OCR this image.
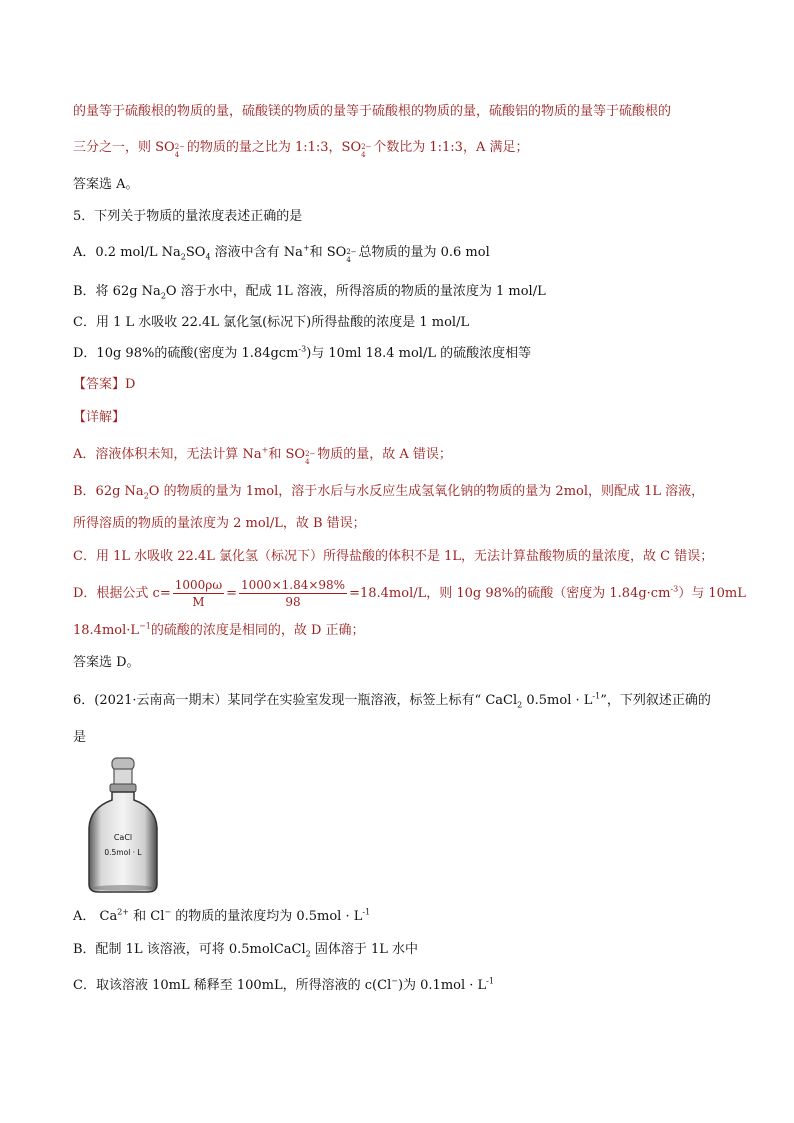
的量等于硫酸根的物质的量，硫酸镁的物质的量等于硫酸根的物质的量，硫酸铝的物质的量等于硫酸根的
三分之一，则 SO 2−
4 的物质的量之比为 1:1:3，SO 2−
4 个数比为 1:1:3，A 满足；
答案选 A。
5．下列关于物质的量浓度表述正确的是
A．0.2 mol/L $Na_2SO_4$ 溶液中含有 Na+和 SO 2−
4 总物质的量为 0.6 mol
B．将 62g $Na_2O$ 溶于水中，配成 1L 溶液，所得溶质的物质的量浓度为 1 mol/L
C．用 1 L 水吸收 22.4L 氯化氢(标况下)所得盐酸的浓度是 1 mol/L
D．10g 98%的硫酸(密度为 1.84gcm$^{-3}$)与 10ml 18.4 mol/L 的硫酸浓度相等
【答案】D
【详解】
A．溶液体积未知，无法计算 Na+和 SO 2−
4 物质的量，故 A 错误；
B．62g $Na_2O$ 的物质的量为 1mol，溶于水后与水反应生成氢氧化钠的物质的量为 2mol，则配成 1L 溶液，
所得溶质的物质的量浓度为 2 mol/L，故 B 错误；
C．用 1L 水吸收 22.4L 氯化氢（标况下）所得盐酸的体积不是 1L，无法计算盐酸物质的量浓度，故 C 错误；
D．根据公式 $c= \frac{1000\rho\omega}{M} = \frac{1000\times 1.84\times 98\%}{98} =18.4mol/L$，则 10g 98%的硫酸（密度为 $1.84g\cdot cm^{-3}$）与 10mL
$18.4mol\cdot L^{-1}$的硫酸的浓度是相同的，故 D 正确；
答案选 D。
6．(2021·云南高一期末）某同学在实验室发现一瓶溶液，标签上标有“ CaCl$_2$ $0.5mol \cdot L^{-1}$”，下列叙述正确的
是
CaCl
0.5mol · L
A． $Ca^{2+}$ 和 Cl− 的物质的量浓度均为 $0.5mol \cdot L^{-1}$
B．配制 1L 该溶液，可将 0.5molCaCl$_2$ 固体溶于 1L 水中
C．取该溶液 10mL 稀释至 100mL，所得溶液的 c(Cl−)为 $0.1mol \cdot L^{-1}$
